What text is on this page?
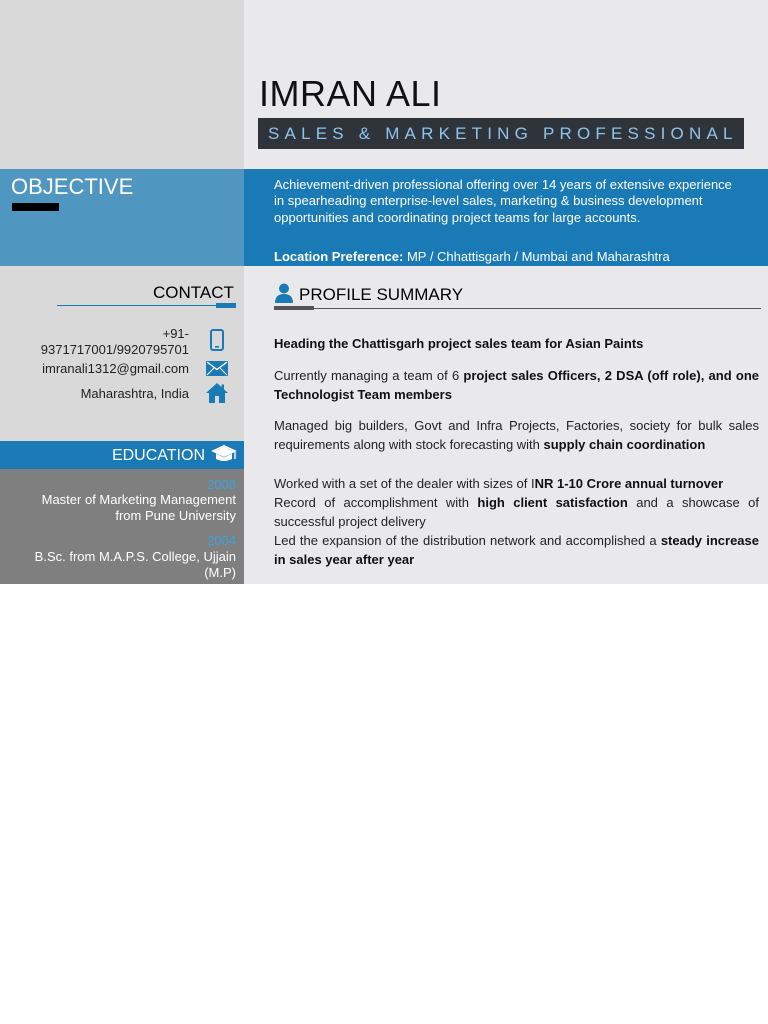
IMRAN ALI
SALES & MARKETING PROFESSIONAL
OBJECTIVE	Achievement-driven professional offering over 14 years of extensive experience in spearheading enterprise-level sales, marketing & business development opportunities and coordinating project teams for large accounts.
Location Preference: MP / Chhattisgarh / Mumbai and Maharashtra
CONTACT
+91-9371717001/9920795701
imranali1312@gmail.com
Maharashtra, India
EDUCATION
2008
Master of Marketing Management from Pune University
2004
B.Sc. from M.A.P.S. College, Ujjain (M.P)
PROFILE SUMMARY
Heading the Chattisgarh project sales team for Asian Paints
Currently managing a team of 6 project sales Officers, 2 DSA (off role), and one Technologist Team members
Managed big builders, Govt and Infra Projects, Factories, society for bulk sales requirements along with stock forecasting with supply chain coordination
Worked with a set of the dealer with sizes of INR 1-10 Crore annual turnover
Record of accomplishment with high client satisfaction and a showcase of successful project delivery
Led the expansion of the distribution network and accomplished a steady increase in sales year after year
